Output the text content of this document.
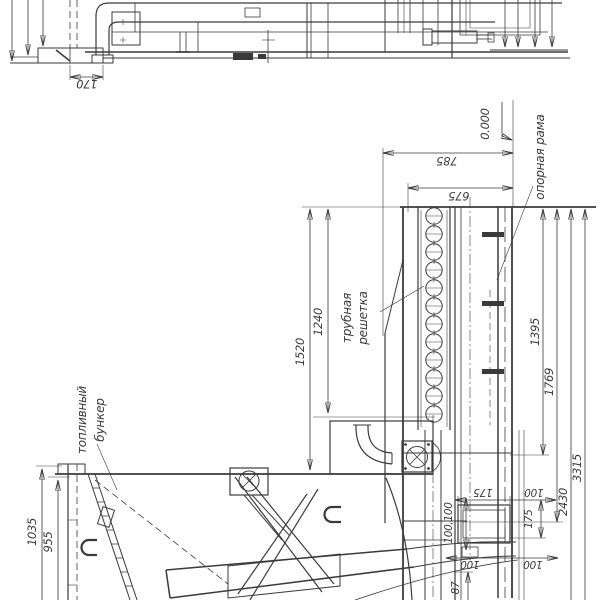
170
0.000	опорная рама
785
675
1520
1240	1395
1769
2430
3315
трубная решетка
175	100
100,100	175
100	100
87
1035 955
топливный бункер
